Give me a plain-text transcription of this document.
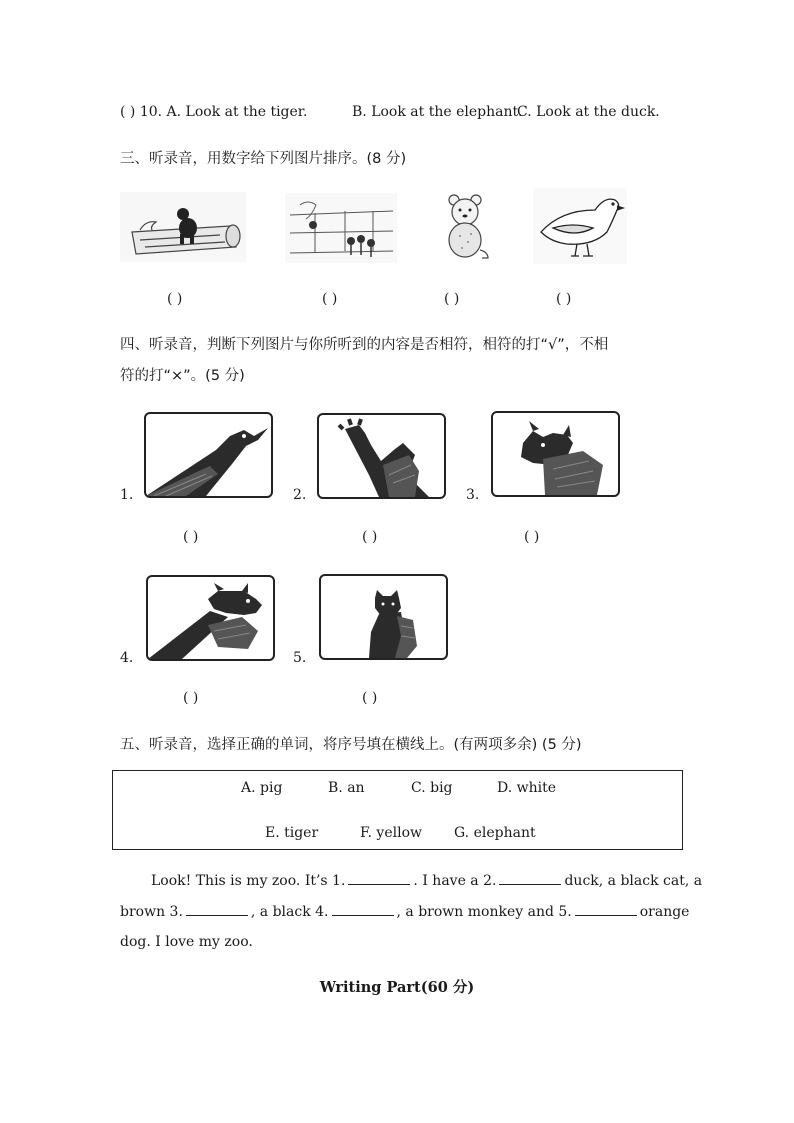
( ) 10. A. Look at the tiger.	B. Look at the elephant.
C. Look at the duck.
三、听录音，用数字给下列图片排序。(8 分)
( )	( )	( )	( )
四、听录音，判断下列图片与你所听到的内容是否相符，相符的打“√”，不相
符的打“×”。(5 分)
1.
( )
2.
( )
3.
( )
4.
( )
5.
( )
五、听录音，选择正确的单词，将序号填在横线上。(有两项多余) (5 分)
A. pig	B. an	C. big	D. white
E. tiger	F. yellow G. elephant
Look! This is my zoo. It’s 1.	. I have a 2.	duck, a black cat, a
brown 3.	, a black 4.	, a brown monkey and 5.	orange
dog. I love my zoo.
Writing Part(60 分)
